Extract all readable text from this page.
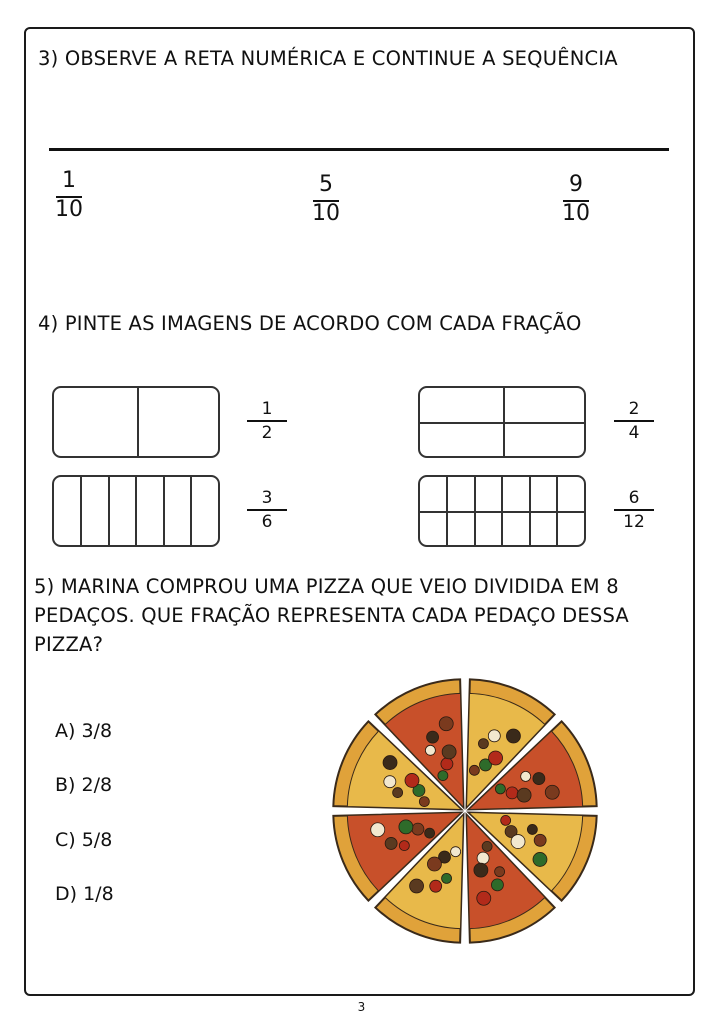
3) OBSERVE A RETA NUMÉRICA E CONTINUE A SEQUÊNCIA
1
10
5
10
9
10
4) PINTE AS IMAGENS DE ACORDO COM CADA FRAÇÃO
1
2
2
4
3
6
6
12
5) MARINA COMPROU UMA PIZZA QUE VEIO DIVIDIDA EM 8
PEDAÇOS. QUE FRAÇÃO REPRESENTA CADA PEDAÇO DESSA
PIZZA?
A) 3/8
B) 2/8
C) 5/8
D) 1/8
3
